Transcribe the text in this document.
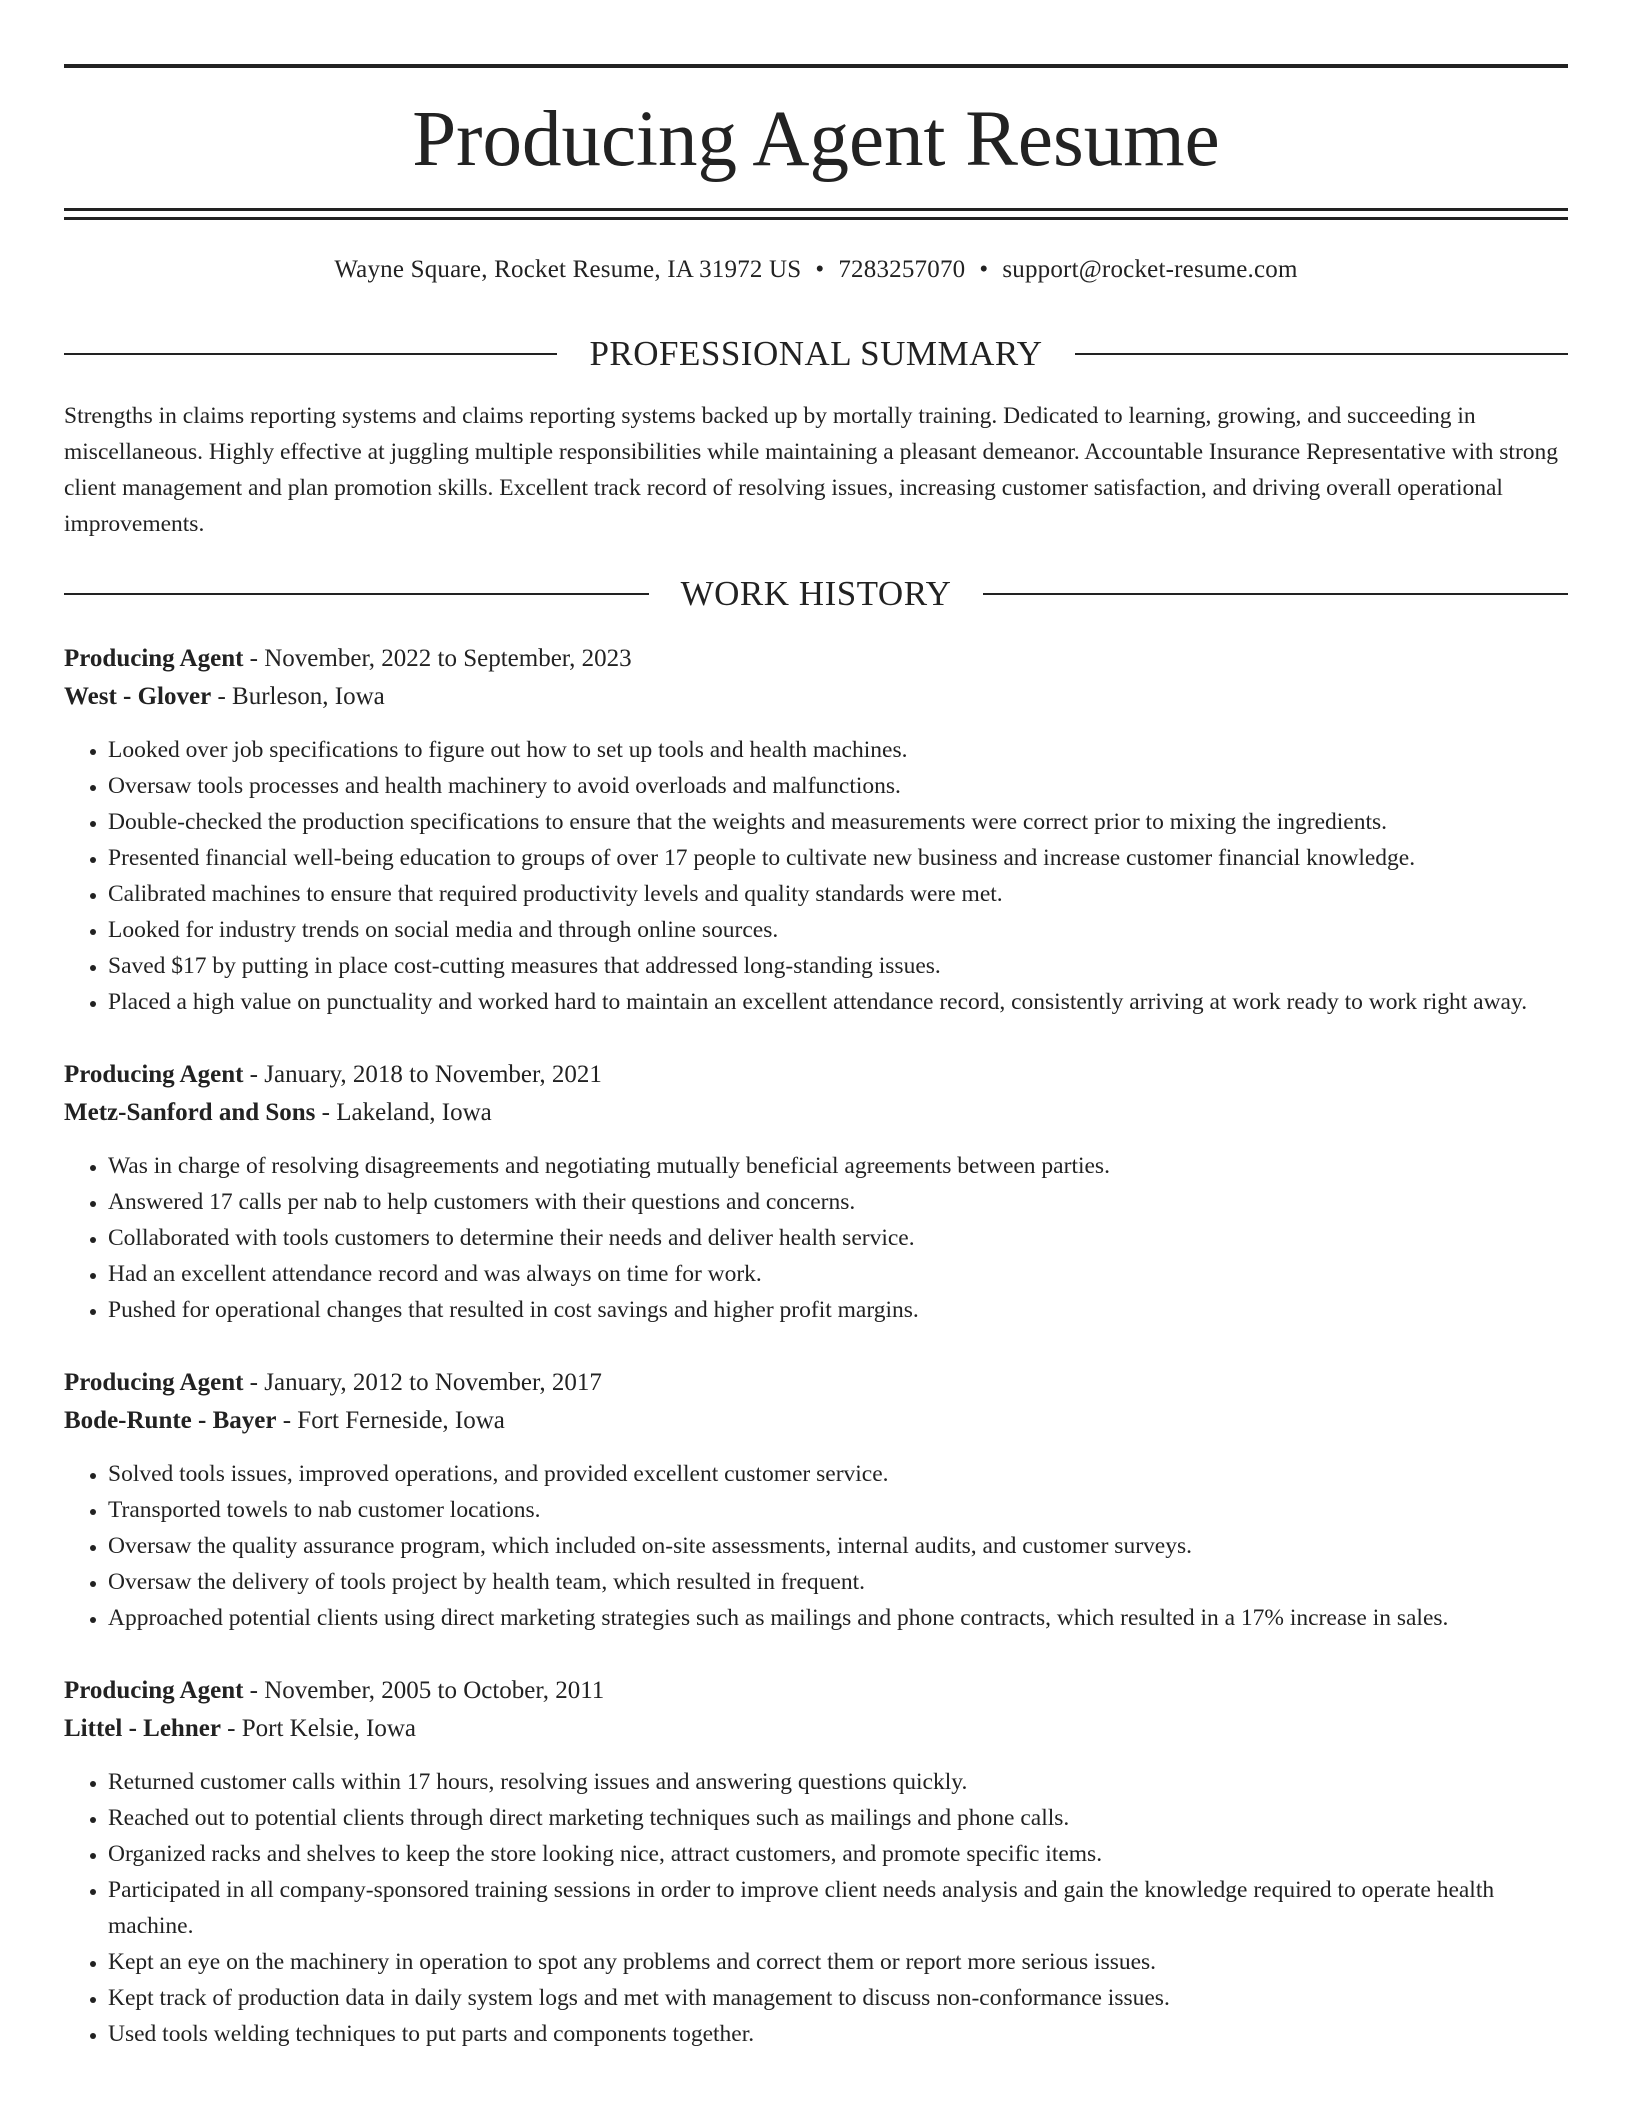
Producing Agent Resume
Wayne Square, Rocket Resume, IA 31972 US • 7283257070 • support@rocket-resume.com
PROFESSIONAL SUMMARY

Strengths in claims reporting systems and claims reporting systems backed up by mortally training. Dedicated to learning, growing, and succeeding in miscellaneous. Highly effective at juggling multiple responsibilities while maintaining a pleasant demeanor. Accountable Insurance Representative with strong client management and plan promotion skills. Excellent track record of resolving issues, increasing customer satisfaction, and driving overall operational improvements.

WORK HISTORY

Producing Agent - November, 2022 to September, 2023

West - Glover - Burleson, Iowa

• Looked over job specifications to figure out how to set up tools and health machines.
• Oversaw tools processes and health machinery to avoid overloads and malfunctions.
• Double-checked the production specifications to ensure that the weights and measurements were correct prior to mixing the ingredients.
• Presented financial well-being education to groups of over 17 people to cultivate new business and increase customer financial knowledge.
• Calibrated machines to ensure that required productivity levels and quality standards were met.
• Looked for industry trends on social media and through online sources.
• Saved $17 by putting in place cost-cutting measures that addressed long-standing issues.
• Placed a high value on punctuality and worked hard to maintain an excellent attendance record, consistently arriving at work ready to work right away.

Producing Agent - January, 2018 to November, 2021

Metz-Sanford and Sons - Lakeland, Iowa

• Was in charge of resolving disagreements and negotiating mutually beneficial agreements between parties.
• Answered 17 calls per nab to help customers with their questions and concerns.
• Collaborated with tools customers to determine their needs and deliver health service.
• Had an excellent attendance record and was always on time for work.
• Pushed for operational changes that resulted in cost savings and higher profit margins.

Producing Agent - January, 2012 to November, 2017

Bode-Runte - Bayer - Fort Ferneside, Iowa

• Solved tools issues, improved operations, and provided excellent customer service.
• Transported towels to nab customer locations.
• Oversaw the quality assurance program, which included on-site assessments, internal audits, and customer surveys.
• Oversaw the delivery of tools project by health team, which resulted in frequent.
• Approached potential clients using direct marketing strategies such as mailings and phone contracts, which resulted in a 17% increase in sales.

Producing Agent - November, 2005 to October, 2011

Littel - Lehner - Port Kelsie, Iowa

• Returned customer calls within 17 hours, resolving issues and answering questions quickly.
• Reached out to potential clients through direct marketing techniques such as mailings and phone calls.
• Organized racks and shelves to keep the store looking nice, attract customers, and promote specific items.
• Participated in all company-sponsored training sessions in order to improve client needs analysis and gain the knowledge required to operate health machine.
• Kept an eye on the machinery in operation to spot any problems and correct them or report more serious issues.
• Kept track of production data in daily system logs and met with management to discuss non-conformance issues.
• Used tools welding techniques to put parts and components together.
